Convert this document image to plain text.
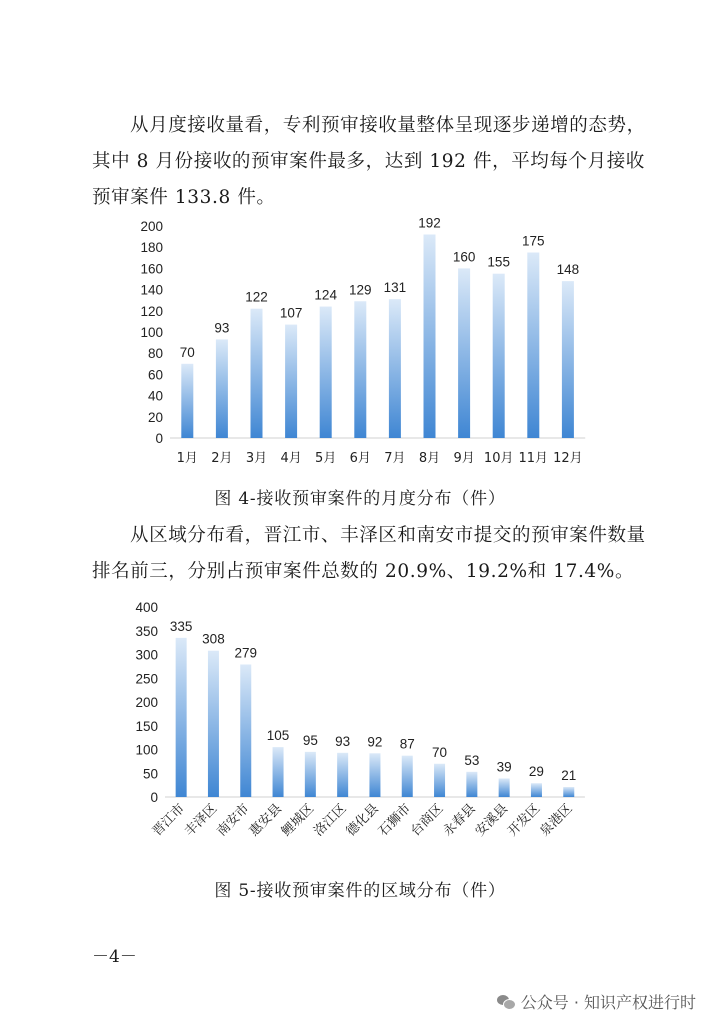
从月度接收量看，专利预审接收量整体呈现逐步递增的态势，其中 8 月份接收的预审案件最多，达到 192 件，平均每个月接收预审案件 133.8 件。

0
20
40
60
80
100
120
140
160
180
200
70
1月
93
2月
122
3月
107
4月
124
5月
129
6月
131
7月
192
8月
160
9月
155
10月
175
11月
148
12月
图 4-接收预审案件的月度分布（件）

从区域分布看，晋江市、丰泽区和南安市提交的预审案件数量排名前三，分别占预审案件总数的 20.9%、19.2%和 17.4%。

0
50
100
150
200
250
300
350
400
335
晋江市
308
丰泽区
279
南安市
105
惠安县
95
鲤城区
93
洛江区
92
德化县
87
石狮市
70
台商区
53
永春县
39
安溪县
29
开发区
21
泉港区
图 5-接收预审案件的区域分布（件）
－4－
公众号 · 知识产权进行时
